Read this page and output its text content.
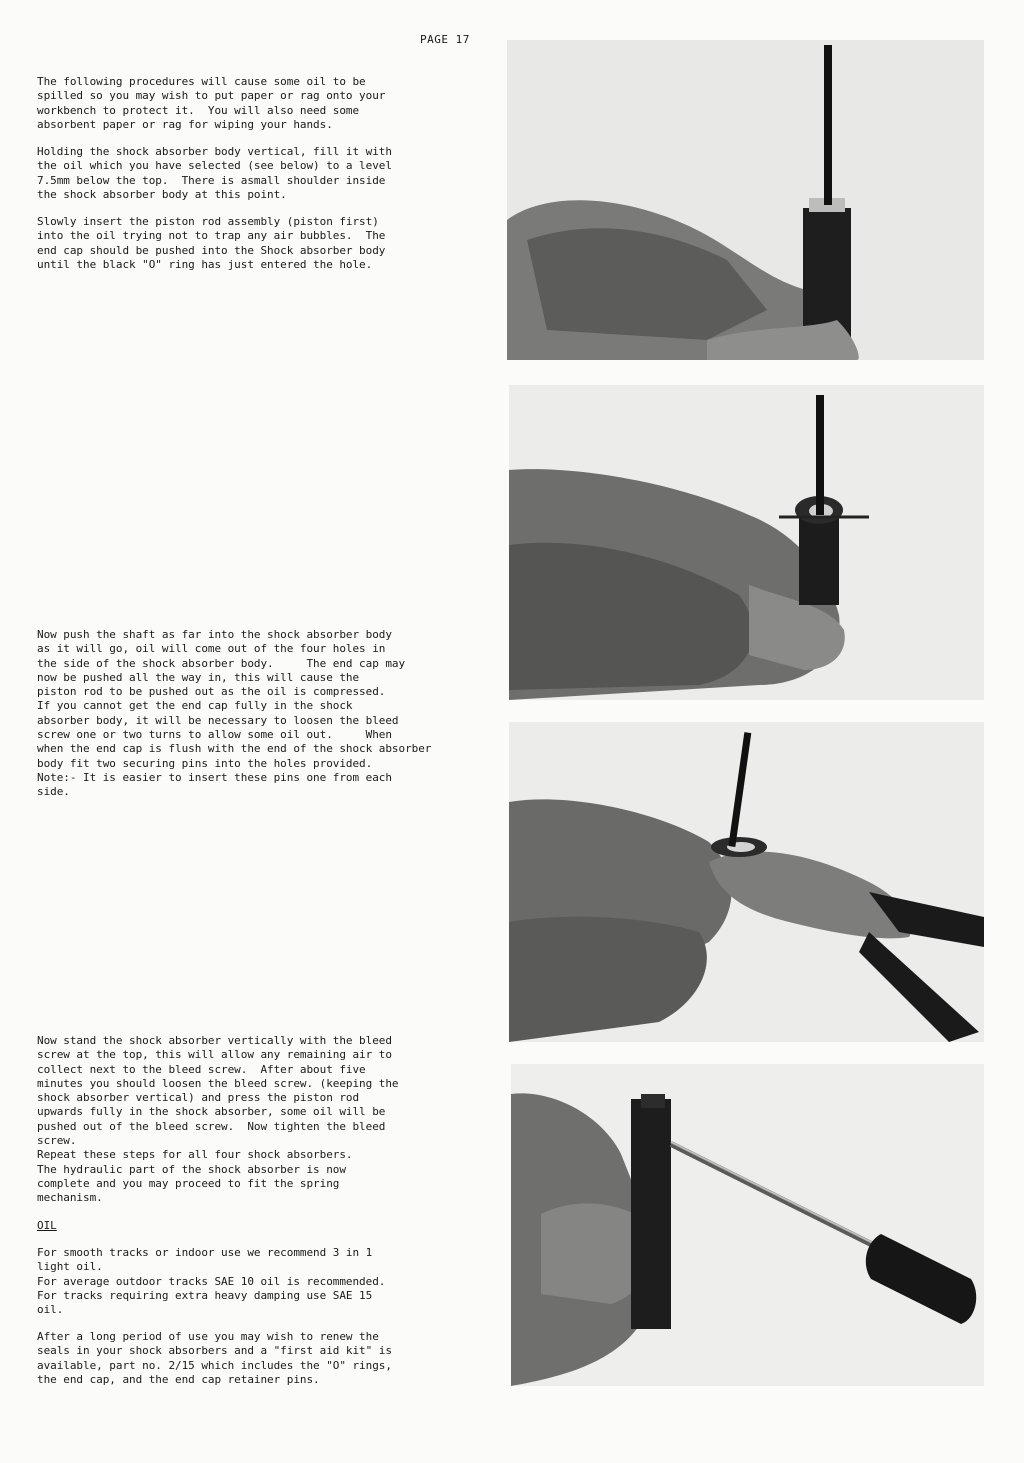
PAGE 17

The following procedures will cause some oil to be
spilled so you may wish to put paper or rag onto your
workbench to protect it.  You will also need some
absorbent paper or rag for wiping your hands.

Holding the shock absorber body vertical, fill it with
the oil which you have selected (see below) to a level
7.5mm below the top.  There is asmall shoulder inside
the shock absorber body at this point.

Slowly insert the piston rod assembly (piston first)
into the oil trying not to trap any air bubbles.  The
end cap should be pushed into the Shock absorber body
until the black "O" ring has just entered the hole.

Now push the shaft as far into the shock absorber body
as it will go, oil will come out of the four holes in
the side of the shock absorber body.     The end cap may
now be pushed all the way in, this will cause the
piston rod to be pushed out as the oil is compressed.
If you cannot get the end cap fully in the shock
absorber body, it will be necessary to loosen the bleed
screw one or two turns to allow some oil out.     When
when the end cap is flush with the end of the shock absorber
body fit two securing pins into the holes provided.
Note:- It is easier to insert these pins one from each
side.

Now stand the shock absorber vertically with the bleed
screw at the top, this will allow any remaining air to
collect next to the bleed screw.  After about five
minutes you should loosen the bleed screw. (keeping the
shock absorber vertical) and press the piston rod
upwards fully in the shock absorber, some oil will be
pushed out of the bleed screw.  Now tighten the bleed
screw.
Repeat these steps for all four shock absorbers.
The hydraulic part of the shock absorber is now
complete and you may proceed to fit the spring
mechanism.

OIL

For smooth tracks or indoor use we recommend 3 in 1
light oil.
For average outdoor tracks SAE 10 oil is recommended.
For tracks requiring extra heavy damping use SAE 15
oil.

After a long period of use you may wish to renew the
seals in your shock absorbers and a "first aid kit" is
available, part no. 2/15 which includes the "O" rings,
the end cap, and the end cap retainer pins.
